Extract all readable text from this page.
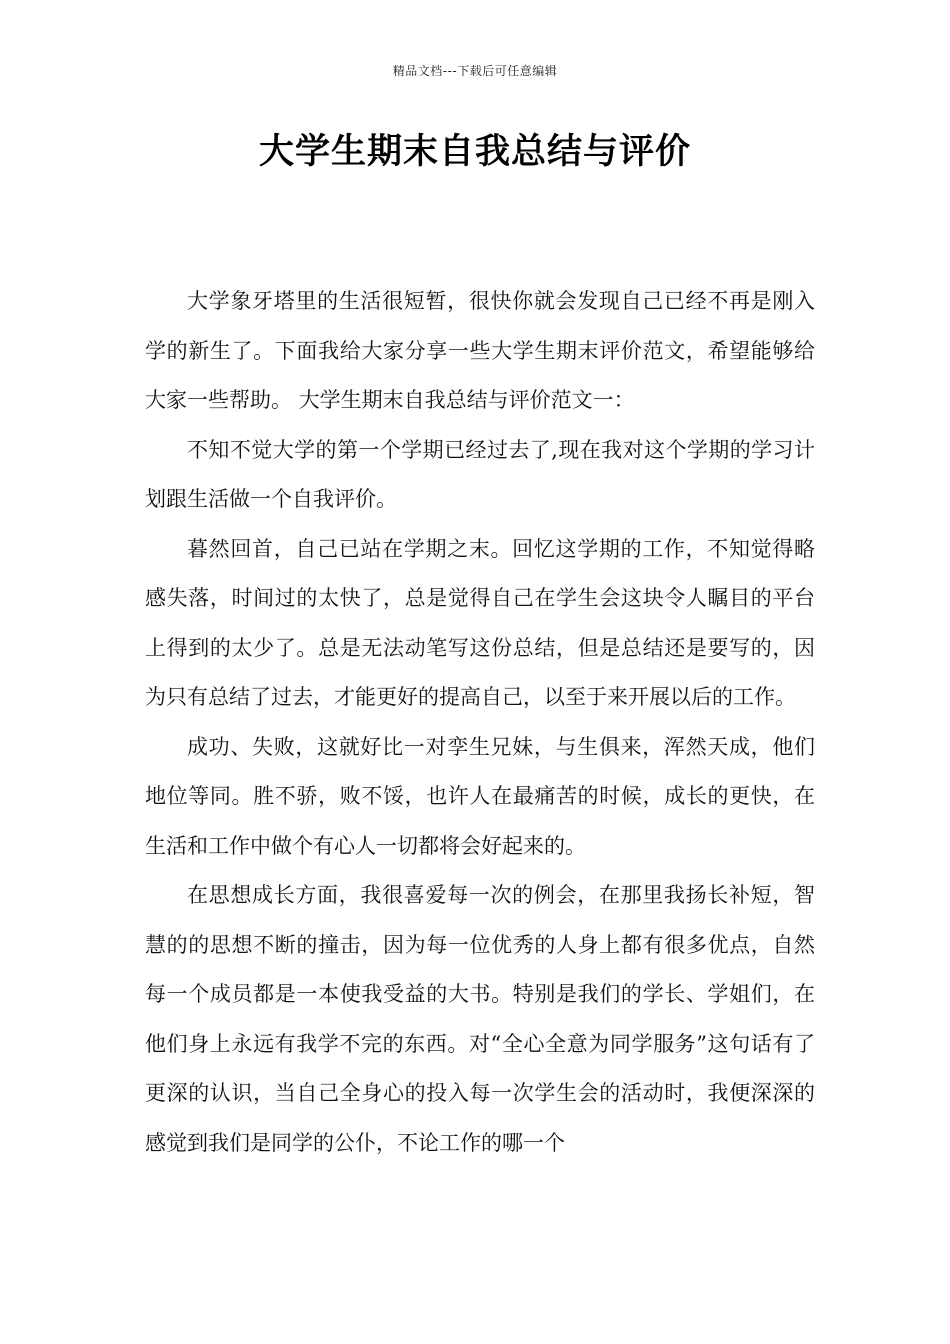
精品文档---下载后可任意编辑
大学生期末自我总结与评价

大学象牙塔里的生活很短暂，很快你就会发现自己已经不再是刚入学的新生了。下面我给大家分享一些大学生期末评价范文，希望能够给大家一些帮助。 大学生期末自我总结与评价范文一：

不知不觉大学的第一个学期已经过去了,现在我对这个学期的学习计划跟生活做一个自我评价。

暮然回首，自己已站在学期之末。回忆这学期的工作，不知觉得略感失落，时间过的太快了，总是觉得自己在学生会这块令人瞩目的平台上得到的太少了。总是无法动笔写这份总结，但是总结还是要写的，因为只有总结了过去，才能更好的提高自己，以至于来开展以后的工作。

成功、失败，这就好比一对孪生兄妹，与生俱来，浑然天成，他们地位等同。胜不骄，败不馁，也许人在最痛苦的时候，成长的更快，在生活和工作中做个有心人一切都将会好起来的。

在思想成长方面，我很喜爱每一次的例会，在那里我扬长补短，智慧的的思想不断的撞击，因为每一位优秀的人身上都有很多优点，自然每一个成员都是一本使我受益的大书。特别是我们的学长、学姐们，在他们身上永远有我学不完的东西。对“全心全意为同学服务”这句话有了更深的认识，当自己全身心的投入每一次学生会的活动时，我便深深的感觉到我们是同学的公仆，不论工作的哪一个
